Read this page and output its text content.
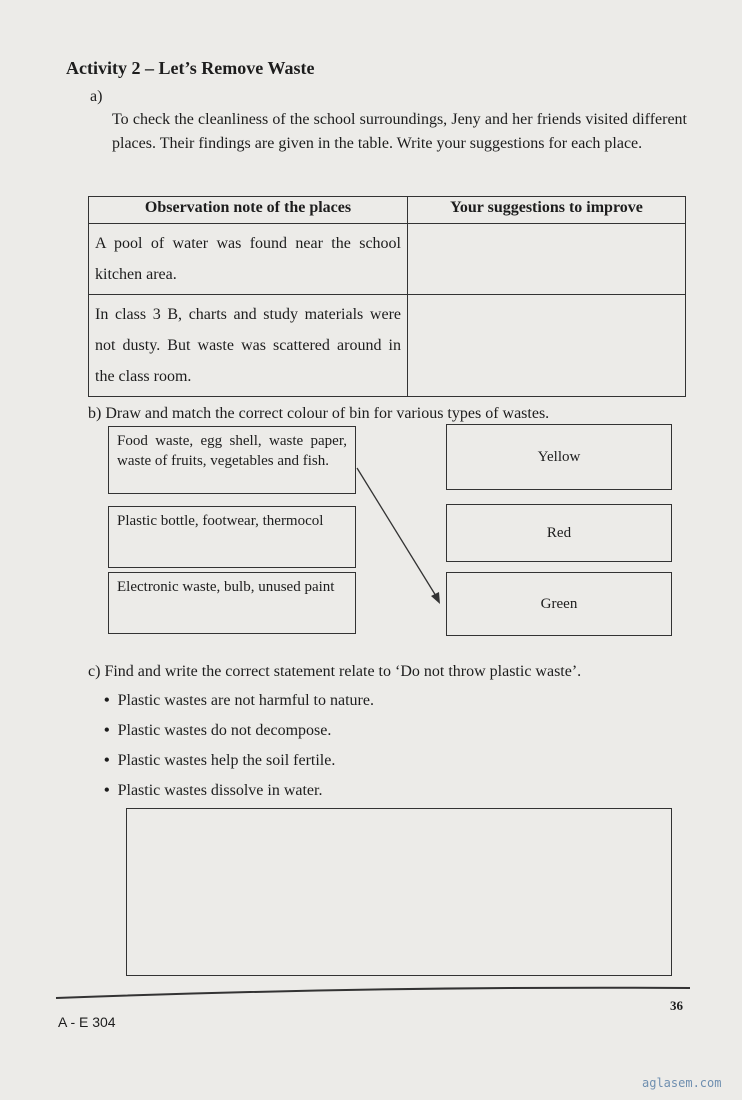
Activity 2 – Let’s Remove Waste
a)
To check the cleanliness of the school surroundings, Jeny and her friends visited different places. Their findings are given in the table. Write your suggestions for each place.
Observation note of the places	Your suggestions to improve
A pool of water was found near the school kitchen area.	
In class 3 B, charts and study materials were not dusty. But waste was scattered around in the class room.	
b) Draw and match the correct colour of bin for various types of wastes.
Food waste, egg shell, waste paper, waste of fruits, vegetables and fish.
Plastic bottle, footwear, thermocol
Electronic waste, bulb, unused paint
Yellow
Red
Green
c) Find and write the correct statement relate to ‘Do not throw plastic waste’.
• Plastic wastes are not harmful to nature.
• Plastic wastes do not decompose.
• Plastic wastes help the soil fertile.
• Plastic wastes dissolve in water.
36
A - E 304
aglasem.com
